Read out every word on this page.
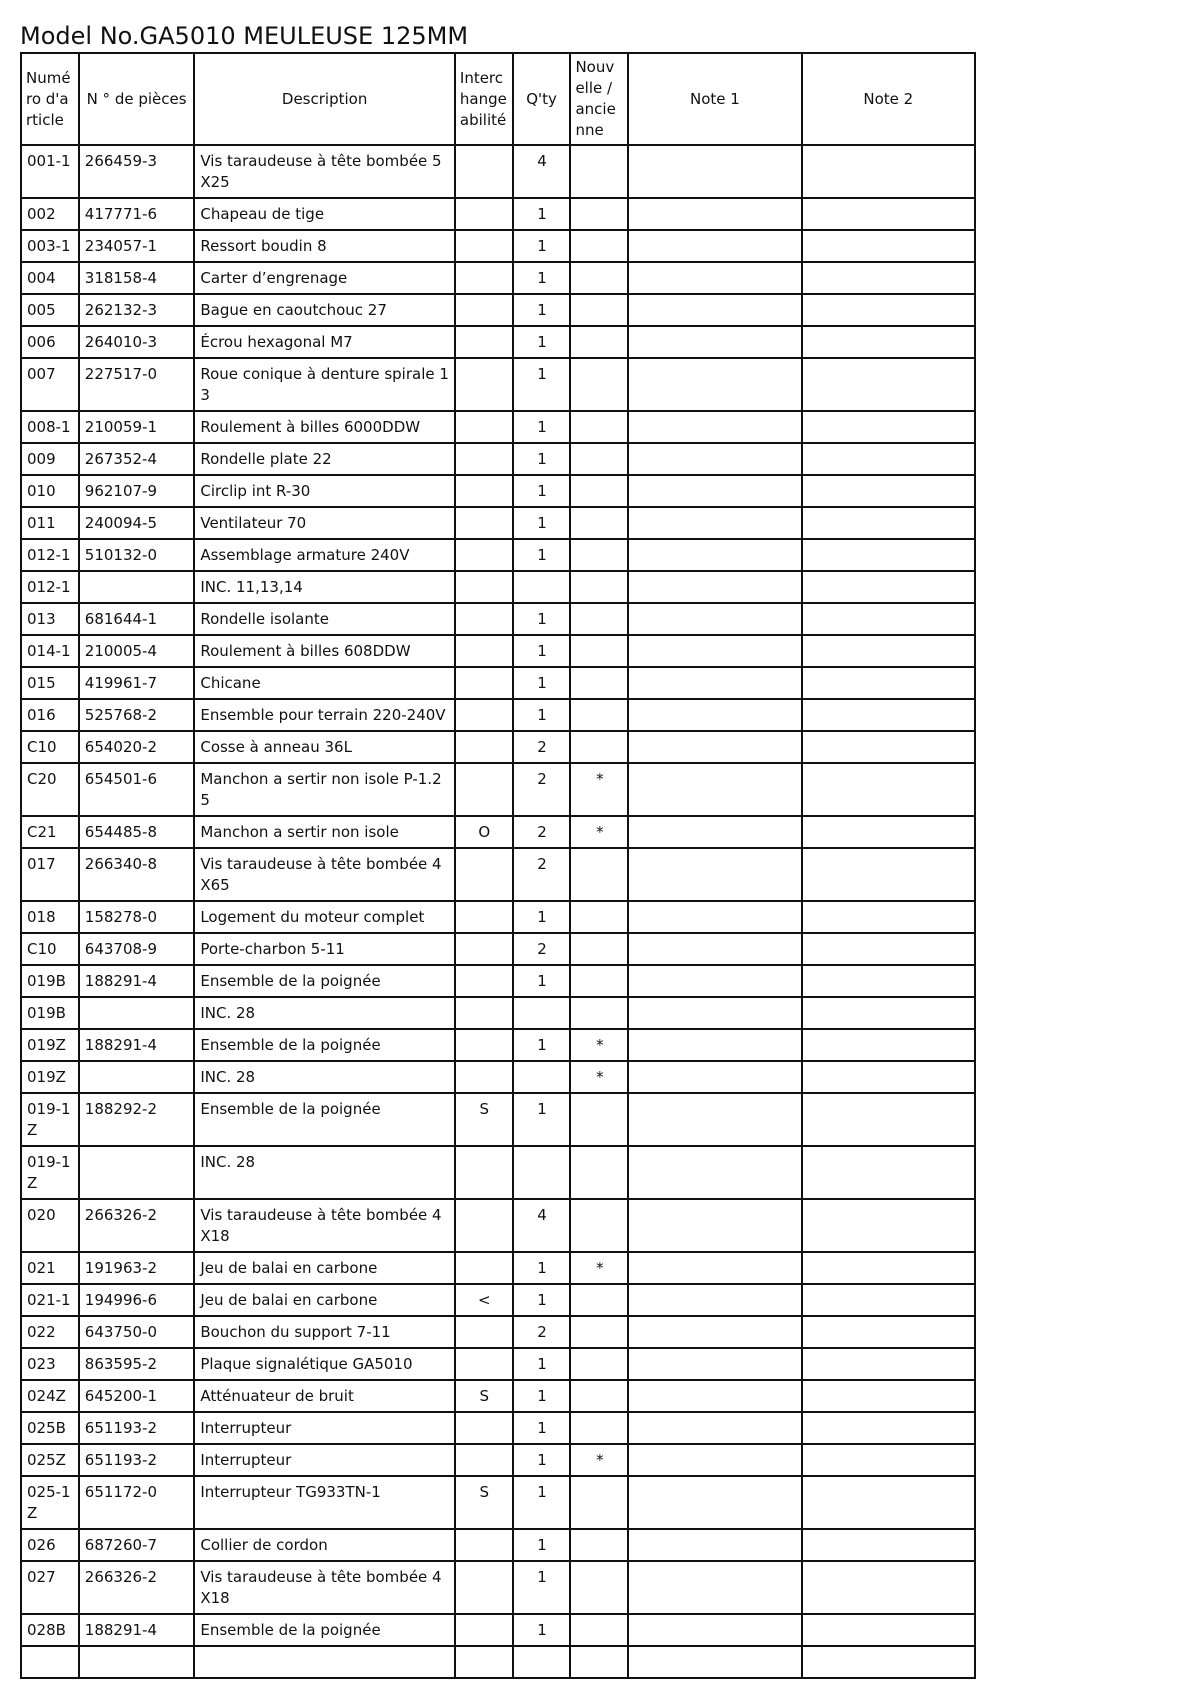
Model No.GA5010 MEULEUSE 125MM
Numéro d'article	N ° de pièces	Description	Interchangeabilité	Q'ty	Nouvelle / ancienne	Note 1	Note 2
001-1	266459-3	Vis taraudeuse à tête bombée 5X25		4			
002	417771-6	Chapeau de tige		1			
003-1	234057-1	Ressort boudin 8		1			
004	318158-4	Carter d’engrenage		1			
005	262132-3	Bague en caoutchouc 27		1			
006	264010-3	Écrou hexagonal M7		1			
007	227517-0	Roue conique à denture spirale 13		1			
008-1	210059-1	Roulement à billes 6000DDW		1			
009	267352-4	Rondelle plate 22		1			
010	962107-9	Circlip int R-30		1			
011	240094-5	Ventilateur 70		1			
012-1	510132-0	Assemblage armature 240V		1			
012-1		INC. 11,13,14					
013	681644-1	Rondelle isolante		1			
014-1	210005-4	Roulement à billes 608DDW		1			
015	419961-7	Chicane		1			
016	525768-2	Ensemble pour terrain 220-240V		1			
C10	654020-2	Cosse à anneau 36L		2			
C20	654501-6	Manchon a sertir non isole P-1.25		2	*		
C21	654485-8	Manchon a sertir non isole	O	2	*		
017	266340-8	Vis taraudeuse à tête bombée 4X65		2			
018	158278-0	Logement du moteur complet		1			
C10	643708-9	Porte-charbon 5-11		2			
019B	188291-4	Ensemble de la poignée		1			
019B		INC. 28					
019Z	188291-4	Ensemble de la poignée		1	*		
019Z		INC. 28			*		
019-1Z	188292-2	Ensemble de la poignée	S	1			
019-1Z		INC. 28					
020	266326-2	Vis taraudeuse à tête bombée 4X18		4			
021	191963-2	Jeu de balai en carbone		1	*		
021-1	194996-6	Jeu de balai en carbone	<	1			
022	643750-0	Bouchon du support 7-11		2			
023	863595-2	Plaque signalétique GA5010		1			
024Z	645200-1	Atténuateur de bruit	S	1			
025B	651193-2	Interrupteur		1			
025Z	651193-2	Interrupteur		1	*		
025-1Z	651172-0	Interrupteur TG933TN-1	S	1			
026	687260-7	Collier de cordon		1			
027	266326-2	Vis taraudeuse à tête bombée 4X18		1			
028B	188291-4	Ensemble de la poignée		1			
